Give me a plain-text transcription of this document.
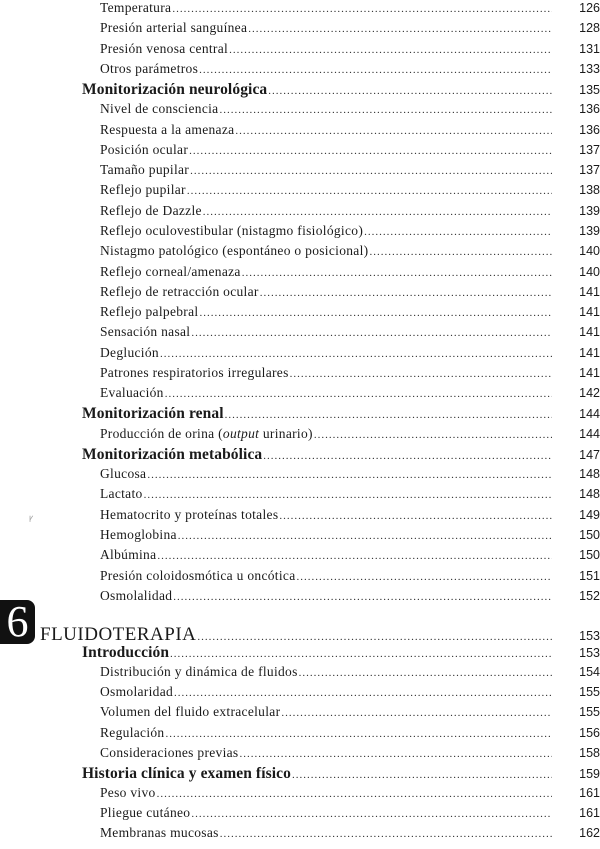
6
ꝩ
Temperatura .....	126
Presión arterial sanguínea .....	128
Presión venosa central .....	131
Otros parámetros .....	133
Monitorización neurológica .....	135
Nivel de consciencia .....	136
Respuesta a la amenaza .....	136
Posición ocular .....	137
Tamaño pupilar .....	137
Reflejo pupilar .....	138
Reflejo de Dazzle .....	139
Reflejo oculovestibular (nistagmo fisiológico) .....	139
Nistagmo patológico (espontáneo o posicional) .....	140
Reflejo corneal/amenaza .....	140
Reflejo de retracción ocular .....	141
Reflejo palpebral .....	141
Sensación nasal .....	141
Deglución .....	141
Patrones respiratorios irregulares .....	141
Evaluación .....	142
Monitorización renal .....	144
Producción de orina (output urinario) .....	144
Monitorización metabólica .....	147
Glucosa .....	148
Lactato .....	148
Hematocrito y proteínas totales .....	149
Hemoglobina .....	150
Albúmina .....	150
Presión coloidosmótica u oncótica .....	151
Osmolalidad .....	152
FLUIDOTERAPIA .....	153
Introducción .....	153
Distribución y dinámica de fluidos .....	154
Osmolaridad .....	155
Volumen del fluido extracelular .....	155
Regulación .....	156
Consideraciones previas .....	158
Historia clínica y examen físico .....	159
Peso vivo .....	161
Pliegue cutáneo .....	161
Membranas mucosas .....	162
